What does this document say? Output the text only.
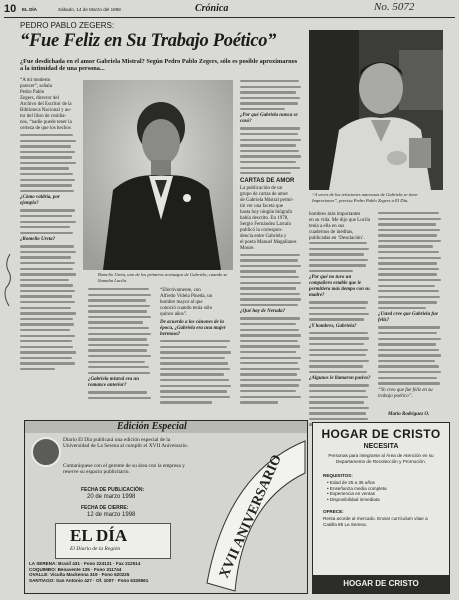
10 EL DÍA	Sábado, 14 de Marzo del 1998	Crónica	No. 5072
PEDRO PABLO ZEGERS:
“Fue Feliz en Su Trabajo Poético”
¿Fue desdichada en el amor Gabriela Mistral? Según Pedro Pablo Zegers, sólo es posible aproximarnos a la intimidad de una persona...

“A mi modesto

parecer”, señala

Pedro Pablo

Zegers, director del

Archivo del Escritor de la

Biblioteca Nacional y au-

tor del libro de cotidia-

nos, “nadie puede tener la

certeza de que los hechos

¿Cómo valdría, por ejemplo?

¿Romelio Ureta?

Romelio Ureta, uno de los primeros noviazgos de Gabriela, cuando se llamaba Lucila.

¿Gabriela mistral era un romance anterior?

“Efectivamente, con

Alfredo Videla Pineda, un

hombre mayor al que

conoció cuando tenía sólo

quince años”.

De acuerdo a los cánones de la época, ¿Gabriela era una mujer hermosa?

¿Por qué Gabriela nunca se casó?

CARTAS DE AMOR

La publicación de un

grupo de cartas de amor

de Gabriela Mistral permi-

tió ver una faceta que

hasta hoy ningún biógrafo

había descrito. En 1978,

Sergio Fernández Larraín

publicó la correspon-

dencia entre Gabriela y

el poeta Manuel Magallanes Moure.

¿Qué hay de Neruda?

“A veces de las relaciones amorosas de Gabriela se tiene Impresiones”, precisa Pedro Pablo Zegers a El Día.

hombres más importantes

en su vida. Me dijo que Lucila

tenía a ella en sus

cuadernos de inéditas,

publicadas en ‘Desolación’.

¿Por qué no tuvo un compañero estable que le permitiera más tiempo con su madre?

¿Y hombres, Gabriela?

¿Algunos le llamaron pasivo?

¿Usted cree que Gabriela fue feliz?

“Yo creo que fue feliz en su trabajo poético”.

Mario Rodríguez O.
Edición Especial
Diario El Día publicará una edición especial de la Universidad de La Serena al cumplir el XVII Aniversario.
Comuníquese con el gerente de su área con la empresa y reserve su espacio publicitario.
FECHA DE PUBLICACIÓN:
20 de marzo 1998
FECHA DE CIERRE:
12 de marzo 1998
EL DÍA
El Diario de la Región
LA SERENA: Brasil 431 · Fono 224121 · Fax 212514
COQUIMBO: Benavente 135 · Fono 311744
OVALLE: Vicuña Mackenna 319 · Fono 620225
SANTIAGO: San Antonio 427 · Of. 1007 · Fono 6326561	XVII ANIVERSARIO
HOGAR DE CRISTO
NECESITA
Personas para integrarse al Área de Atención en su Departamento de Recolección y Promoción.
REQUISITOS:
• Edad de 25 a 35 años
• Enseñanza media completa
• Experiencia en ventas
• Disponibilidad inmediata
OFRECE:
Renta acorde al mercado. Enviar currículum vitae a Casilla 86 La Serena.
HOGAR DE CRISTO
